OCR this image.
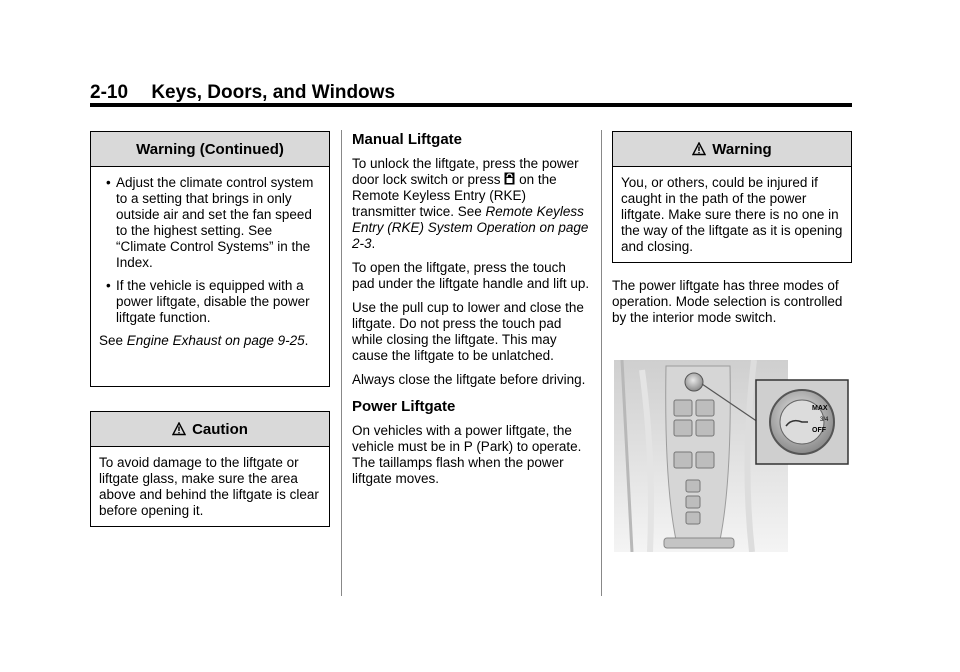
2-10 Keys, Doors, and Windows
Warning (Continued)
• Adjust the climate control system to a setting that brings in only outside air and set the fan speed to the highest setting. See “Climate Control Systems” in the Index.
• If the vehicle is equipped with a power liftgate, disable the power liftgate function.
See Engine Exhaust on page 9‑25.
Caution
To avoid damage to the liftgate or liftgate glass, make sure the area above and behind the liftgate is clear before opening it.
Manual Liftgate

To unlock the liftgate, press the power door lock switch or press  on the Remote Keyless Entry (RKE) transmitter twice. See Remote Keyless Entry (RKE) System Operation on page 2‑3.

To open the liftgate, press the touch pad under the liftgate handle and lift up.

Use the pull cup to lower and close the liftgate. Do not press the touch pad while closing the liftgate. This may cause the liftgate to be unlatched.

Always close the liftgate before driving.

Power Liftgate

On vehicles with a power liftgate, the vehicle must be in P (Park) to operate. The taillamps flash when the power liftgate moves.

Warning
You, or others, could be injured if caught in the path of the power liftgate. Make sure there is no one in the way of the liftgate as it is opening and closing.

The power liftgate has three modes of operation. Mode selection is controlled by the interior mode switch.

MAX
3/4
OFF
